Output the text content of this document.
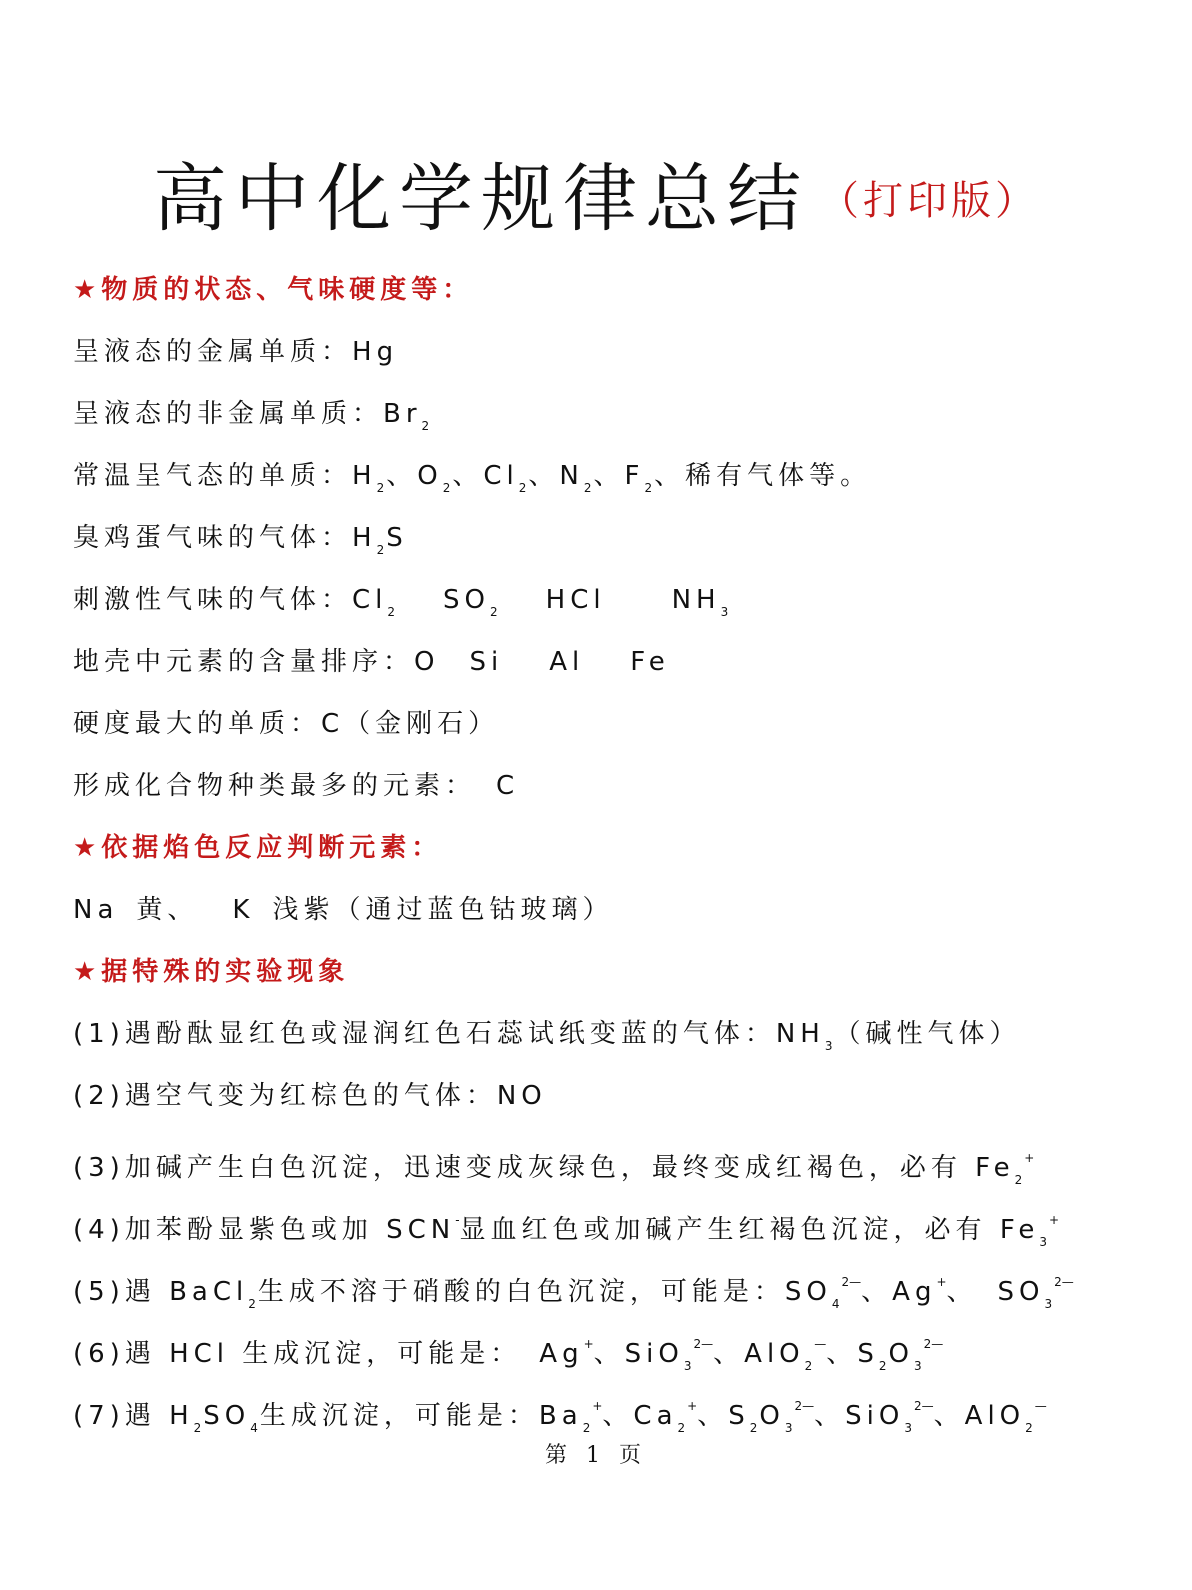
高中化学规律总结 （打印版）
★物质的状态、气味硬度等：
呈液态的金属单质：Hg
呈液态的非金属单质：$Br_2$
常温呈气态的单质：$H_2$、$O_2$、$Cl_2$、$N_2$、$F_2$、稀有气体等。
臭鸡蛋气味的气体：$H_2S$
刺激性气味的气体：$Cl_2$ $SO_2$ HCl	$NH_3$
地壳中元素的含量排序：O Si Al Fe
硬度最大的单质：C（金刚石）
形成化合物种类最多的元素： C
★依据焰色反应判断元素：
Na 黄、 K 浅紫（通过蓝色钴玻璃）
★据特殊的实验现象
(1)遇酚酞显红色或湿润红色石蕊试纸变蓝的气体：$NH_3$（碱性气体）
(2)遇空气变为红棕色的气体：NO
(3)加碱产生白色沉淀，迅速变成灰绿色，最终变成红褐色，必有 $Fe_2^+$
(4)加苯酚显紫色或加 SCN-显血红色或加碱产生红褐色沉淀，必有 $Fe_3^+$
(5)遇 BaCl$_2$生成不溶于硝酸的白色沉淀，可能是：$SO_4^{2—}$、Ag+、 $SO_3^{2—}$
(6)遇 HCl 生成沉淀，可能是： Ag+、SiO$_3^{2—}$、AlO$_2$—、$S_2O_3^{2—}$
(7)遇 $H_2SO_4$生成沉淀，可能是：$Ba_2^+$、$Ca_2^+$、$S_2O_3^{2—}$、SiO$_3^{2—}$、AlO$_2$—
第 1 页
